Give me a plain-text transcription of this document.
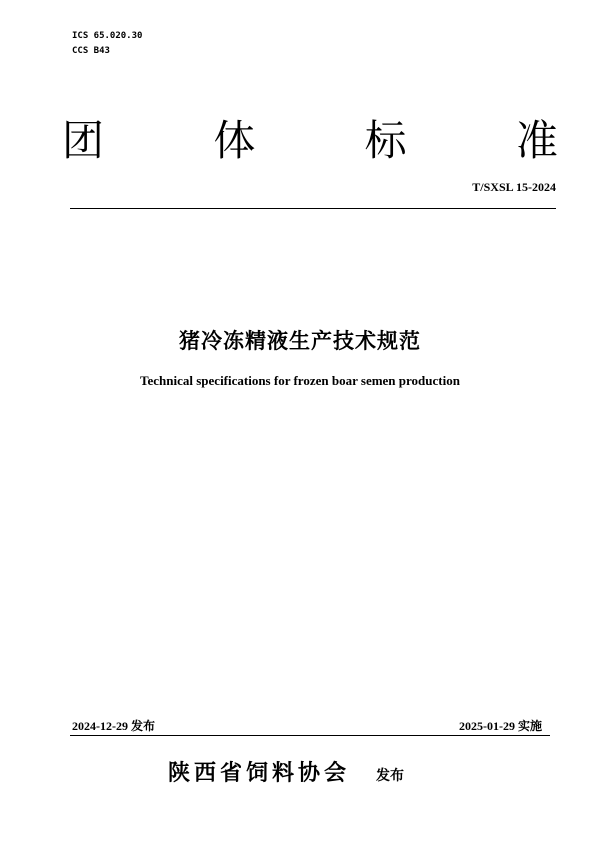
ICS 65.020.30
CCS B43
团	体	标	准
T/SXSL 15-2024
猪冷冻精液生产技术规范
Technical specifications for frozen boar semen production
2024-12-29 发布	2025-01-29 实施
陕西省饲料协会 发布
